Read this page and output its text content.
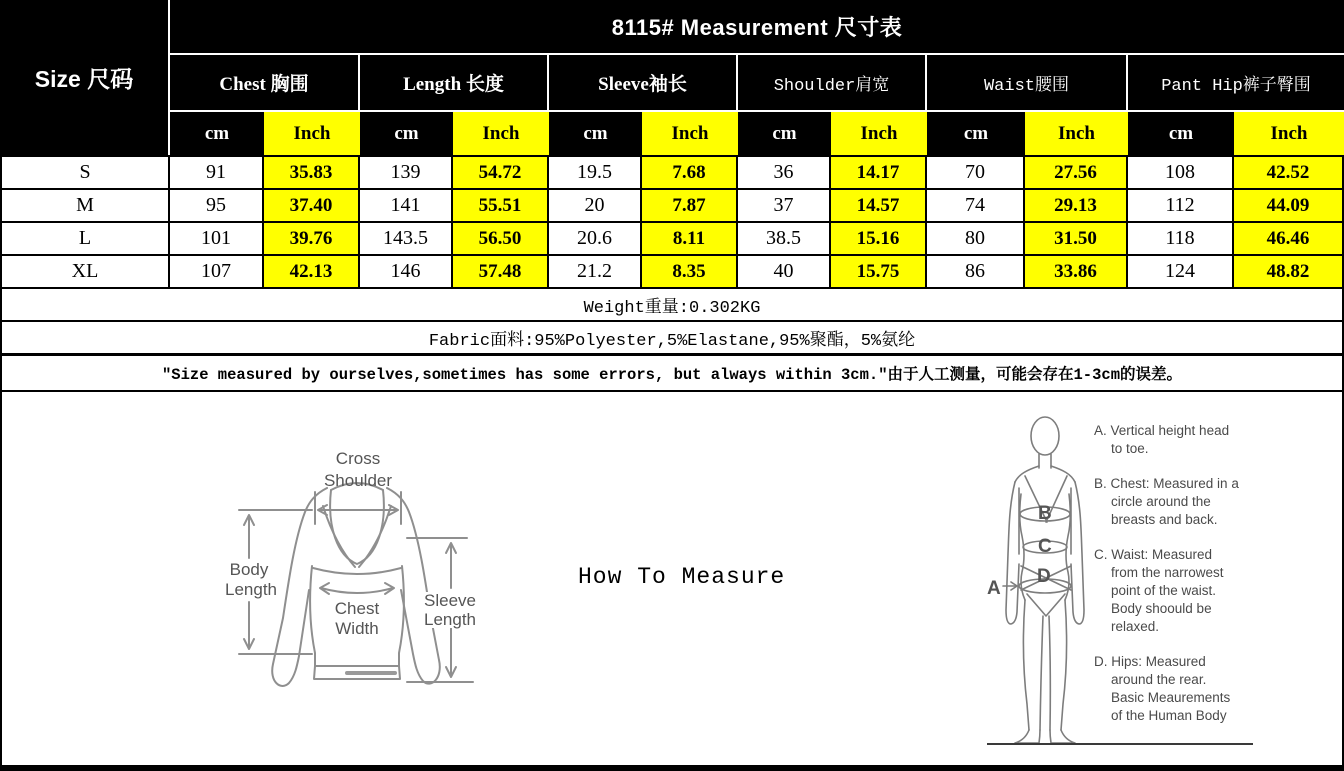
Size 尺码
8115# Measurement 尺寸表
Chest 胸围	Length 长度	Sleeve袖长	Shoulder肩宽	Waist腰围	Pant Hip裤子臀围
cm	Inch	cm	Inch	cm	Inch	cm	Inch	cm	Inch	cm	Inch
S	91	35.83	139	54.72	19.5	7.68	36	14.17	70	27.56	108	42.52
M	95	37.40	141	55.51	20	7.87	37	14.57	74	29.13	112	44.09
L	101	39.76	143.5	56.50	20.6	8.11	38.5	15.16	80	31.50	118	46.46
XL	107	42.13	146	57.48	21.2	8.35	40	15.75	86	33.86	124	48.82
Weight重量:0.302KG
Fabric面料:95%Polyester,5%Elastane,95%聚酯，5%氨纶
″Size measured by ourselves,sometimes has some errors, but always within 3cm.″由于人工测量，可能会存在1-3cm的误差。
Cross
Shoulder
Body
Length
Chest
Width
Sleeve
Length
How To Measure	A
B
C
D
A. Vertical height head
to toe.
B. Chest: Measured in a
circle around the
breasts and back.
C. Waist: Measured
from the narrowest
point of the waist.
Body shoould be
relaxed.
D. Hips: Measured
around the rear.
Basic Meaurements
of the Human Body
